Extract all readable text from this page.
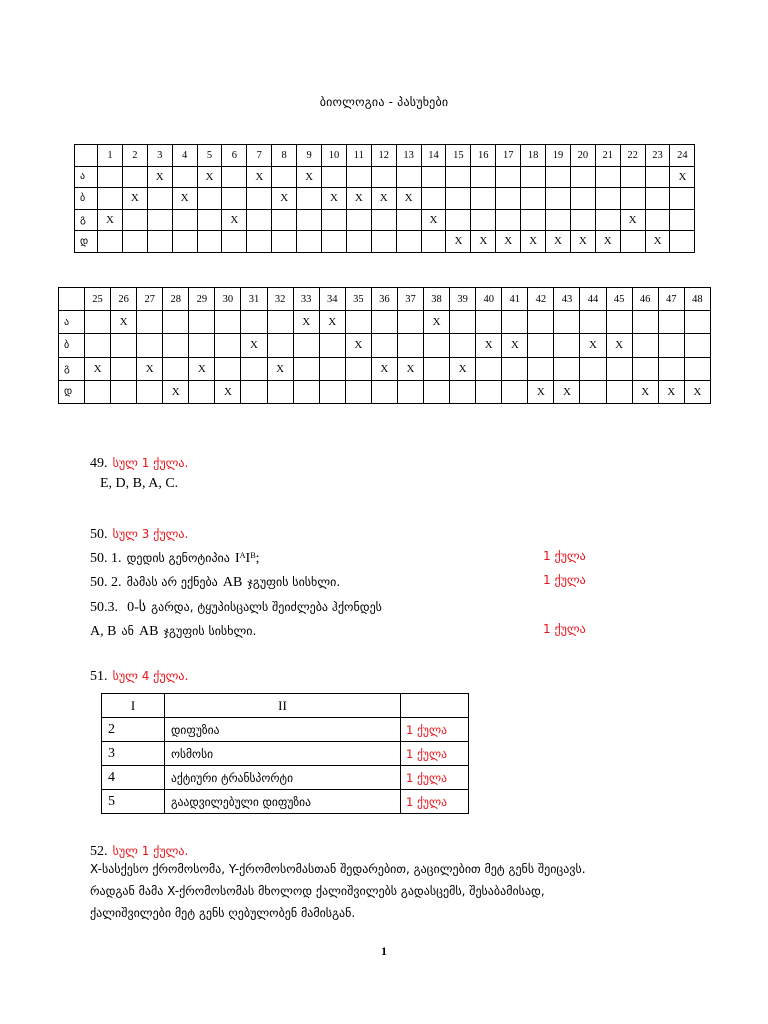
ბიოლოგია - პასუხები
	1	2	3	4	5	6	7	8	9	10	11	12	13	14	15	16	17	18	19	20	21	22	23	24
ა			X		X		X		X															X
ბ		X		X				X		X	X	X	X											
გ	X					X								X								X		
დ															X	X	X	X	X	X	X		X	
	25	26	27	28	29	30	31	32	33	34	35	36	37	38	39	40	41	42	43	44	45	46	47	48
ა		X							X	X				X										
ბ							X				X					X	X			X	X			
გ	X		X		X			X				X	X		X									
დ				X		X												X	X			X	X	X
49. სულ 1 ქულა.
E, D, B, A, C.
50. სულ 3 ქულა.
50. 1. დედის გენოტიპია IᴬIᴮ;	1 ქულა
50. 2. მამას არ ექნება AB ჯგუფის სისხლი.	1 ქულა
50.3. 0-ს გარდა, ტყუპისცალს შეიძლება ჰქონდეს
A, B ან AB ჯგუფის სისხლი.	1 ქულა
51. სულ 4 ქულა.
I	II	
2	დიფუზია	1 ქულა
3	ოსმოსი	1 ქულა
4	აქტიური ტრანსპორტი	1 ქულა
5	გაადვილებული დიფუზია	1 ქულა
52. სულ 1 ქულა.
X-სასქესო ქრომოსომა, Y-ქრომოსომასთან შედარებით, გაცილებით მეტ გენს შეიცავს.
რადგან მამა X-ქრომოსომას მხოლოდ ქალიშვილებს გადასცემს, შესაბამისად,
ქალიშვილები მეტ გენს ღებულობენ მამისგან.
1
